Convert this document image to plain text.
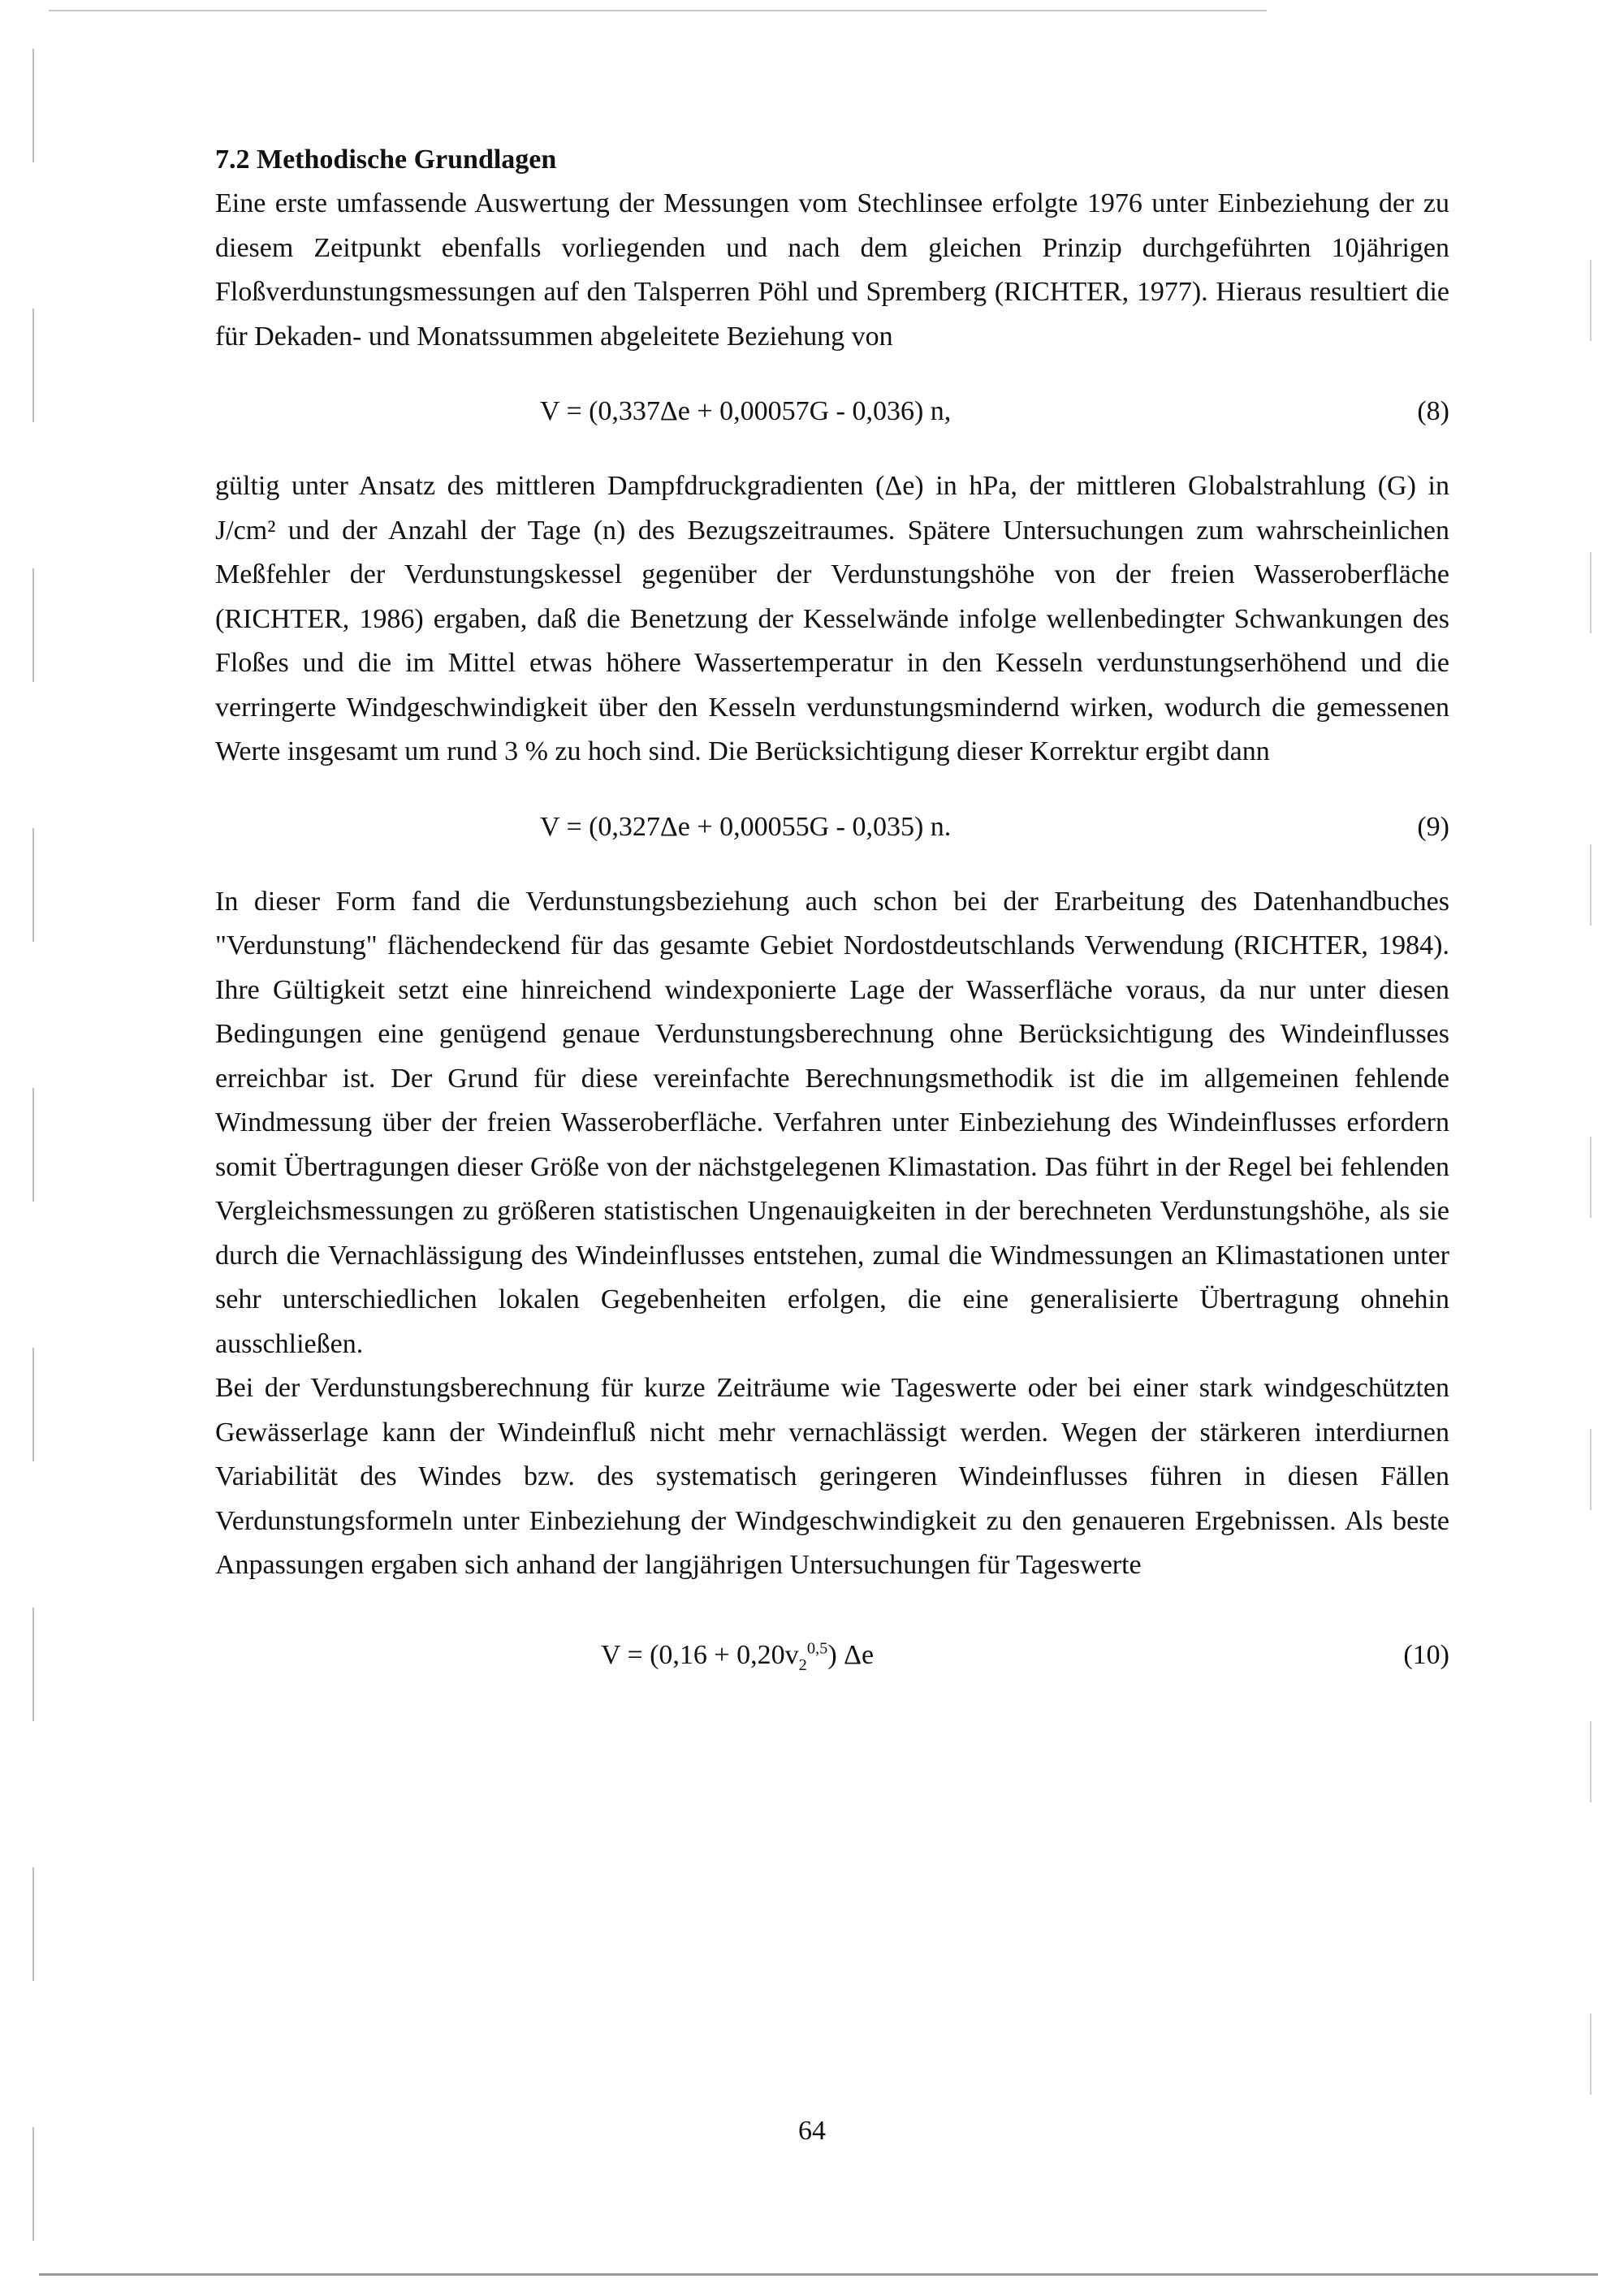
7.2 Methodische Grundlagen

Eine erste umfassende Auswertung der Messungen vom Stechlinsee erfolgte 1976 unter Einbeziehung der zu diesem Zeitpunkt ebenfalls vorliegenden und nach dem gleichen Prinzip durchgeführten 10jährigen Floßverdunstungsmessungen auf den Talsperren Pöhl und Spremberg (RICHTER, 1977). Hieraus resultiert die für Dekaden- und Monatssummen abgeleitete Beziehung von

V = (0,337Δe + 0,00057G - 0,036) n,	(8)

gültig unter Ansatz des mittleren Dampfdruckgradienten (Δe) in hPa, der mittleren Globalstrahlung (G) in J/cm² und der Anzahl der Tage (n) des Bezugszeitraumes. Spätere Untersuchungen zum wahrscheinlichen Meßfehler der Verdunstungskessel gegenüber der Verdunstungshöhe von der freien Wasseroberfläche (RICHTER, 1986) ergaben, daß die Benetzung der Kesselwände infolge wellenbedingter Schwankungen des Floßes und die im Mittel etwas höhere Wassertemperatur in den Kesseln verdunstungserhöhend und die verringerte Windgeschwindigkeit über den Kesseln verdunstungsmindernd wirken, wodurch die gemessenen Werte insgesamt um rund 3 % zu hoch sind. Die Berücksichtigung dieser Korrektur ergibt dann

V = (0,327Δe + 0,00055G - 0,035) n.	(9)

In dieser Form fand die Verdunstungsbeziehung auch schon bei der Erarbeitung des Datenhandbuches "Verdunstung" flächendeckend für das gesamte Gebiet Nordostdeutschlands Verwendung (RICHTER, 1984). Ihre Gültigkeit setzt eine hinreichend windexponierte Lage der Wasserfläche voraus, da nur unter diesen Bedingungen eine genügend genaue Verdunstungsberechnung ohne Berücksichtigung des Windeinflusses erreichbar ist. Der Grund für diese vereinfachte Berechnungsmethodik ist die im allgemeinen fehlende Windmessung über der freien Wasseroberfläche. Verfahren unter Einbeziehung des Windeinflusses erfordern somit Übertragungen dieser Größe von der nächstgelegenen Klimastation. Das führt in der Regel bei fehlenden Vergleichsmessungen zu größeren statistischen Ungenauigkeiten in der berechneten Verdunstungshöhe, als sie durch die Vernachlässigung des Windeinflusses entstehen, zumal die Windmessungen an Klimastationen unter sehr unterschiedlichen lokalen Gegebenheiten erfolgen, die eine generalisierte Übertragung ohnehin ausschließen.

Bei der Verdunstungsberechnung für kurze Zeiträume wie Tageswerte oder bei einer stark windgeschützten Gewässerlage kann der Windeinfluß nicht mehr vernachlässigt werden. Wegen der stärkeren interdiurnen Variabilität des Windes bzw. des systematisch geringeren Windeinflusses führen in diesen Fällen Verdunstungsformeln unter Einbeziehung der Windgeschwindigkeit zu den genaueren Ergebnissen. Als beste Anpassungen ergaben sich anhand der langjährigen Untersuchungen für Tageswerte

$V = (0,16 + 0,20v_2^{0,5})$ Δe	(10)
64
